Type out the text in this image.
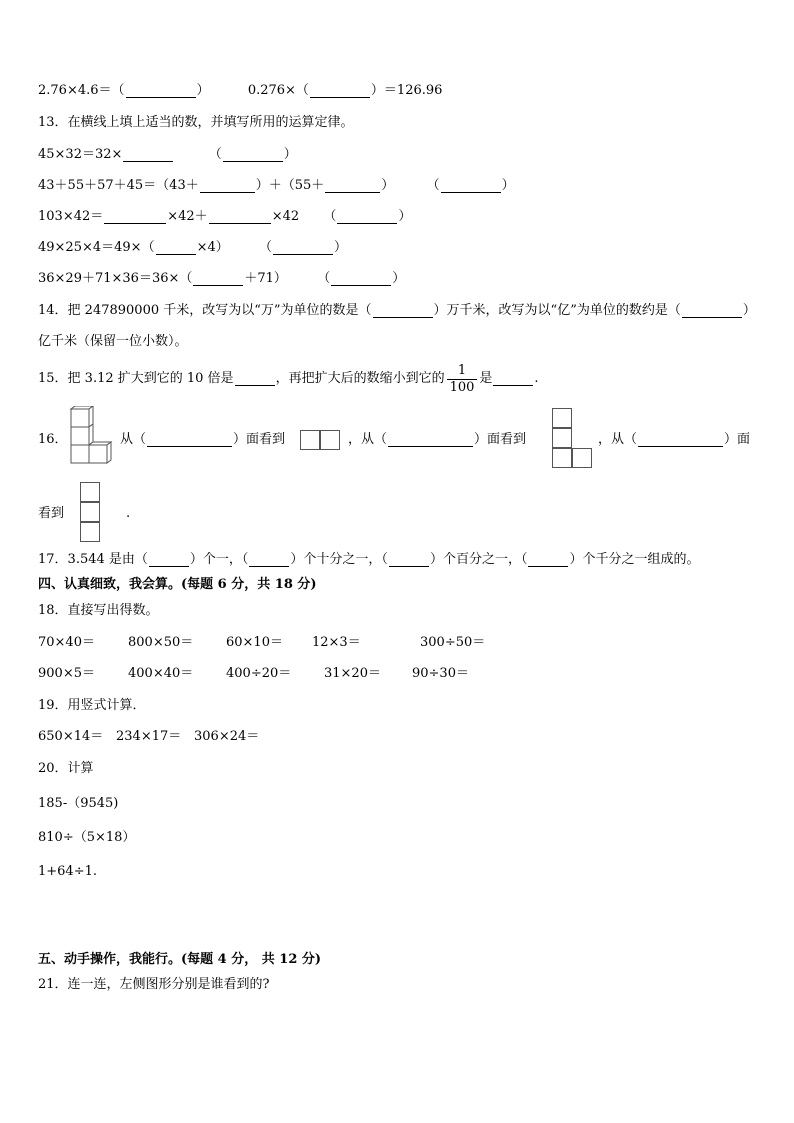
2.76×4.6＝（	）	0.276×（	）＝126.96
13．在横线上填上适当的数，并填写所用的运算定律。
45×32＝32×	（	）
43＋55＋57＋45＝（43＋	）＋（55＋	） （	）
103×42＝	×42＋	×42 （	）
49×25×4＝49×（	×4） （	）
36×29＋71×36＝36×（	＋71） （	）
14．把 247890000 千米，改写为以“万”为单位的数是（	）万千米，改写为以“亿”为单位的数约是（	）
亿千米（保留一位小数）。
15．把 3.12 扩大到它的 10 倍是	，再把扩大后的数缩小到它的 $\frac{1}{100}$ 是	.
16．	从（	）面看到	，从（	）面看到	，从（	）面
看到	.
17．3.544 是由（	）个一，（	）个十分之一，（	）个百分之一，（	）个千分之一组成的。
四、认真细致，我会算。(每题 6 分，共 18 分)
18．直接写出得数。
70×40＝	800×50＝	60×10＝ 12×3＝	300÷50＝
900×5＝	400×40＝	400÷20＝	31×20＝ 90÷30＝
19．用竖式计算．
650×14＝ 234×17＝ 306×24＝
20．计算
185-（9545)
810÷（5×18）
1+64÷1.
五、动手操作，我能行。(每题 4 分， 共 12 分)
21．连一连，左侧图形分别是谁看到的?
